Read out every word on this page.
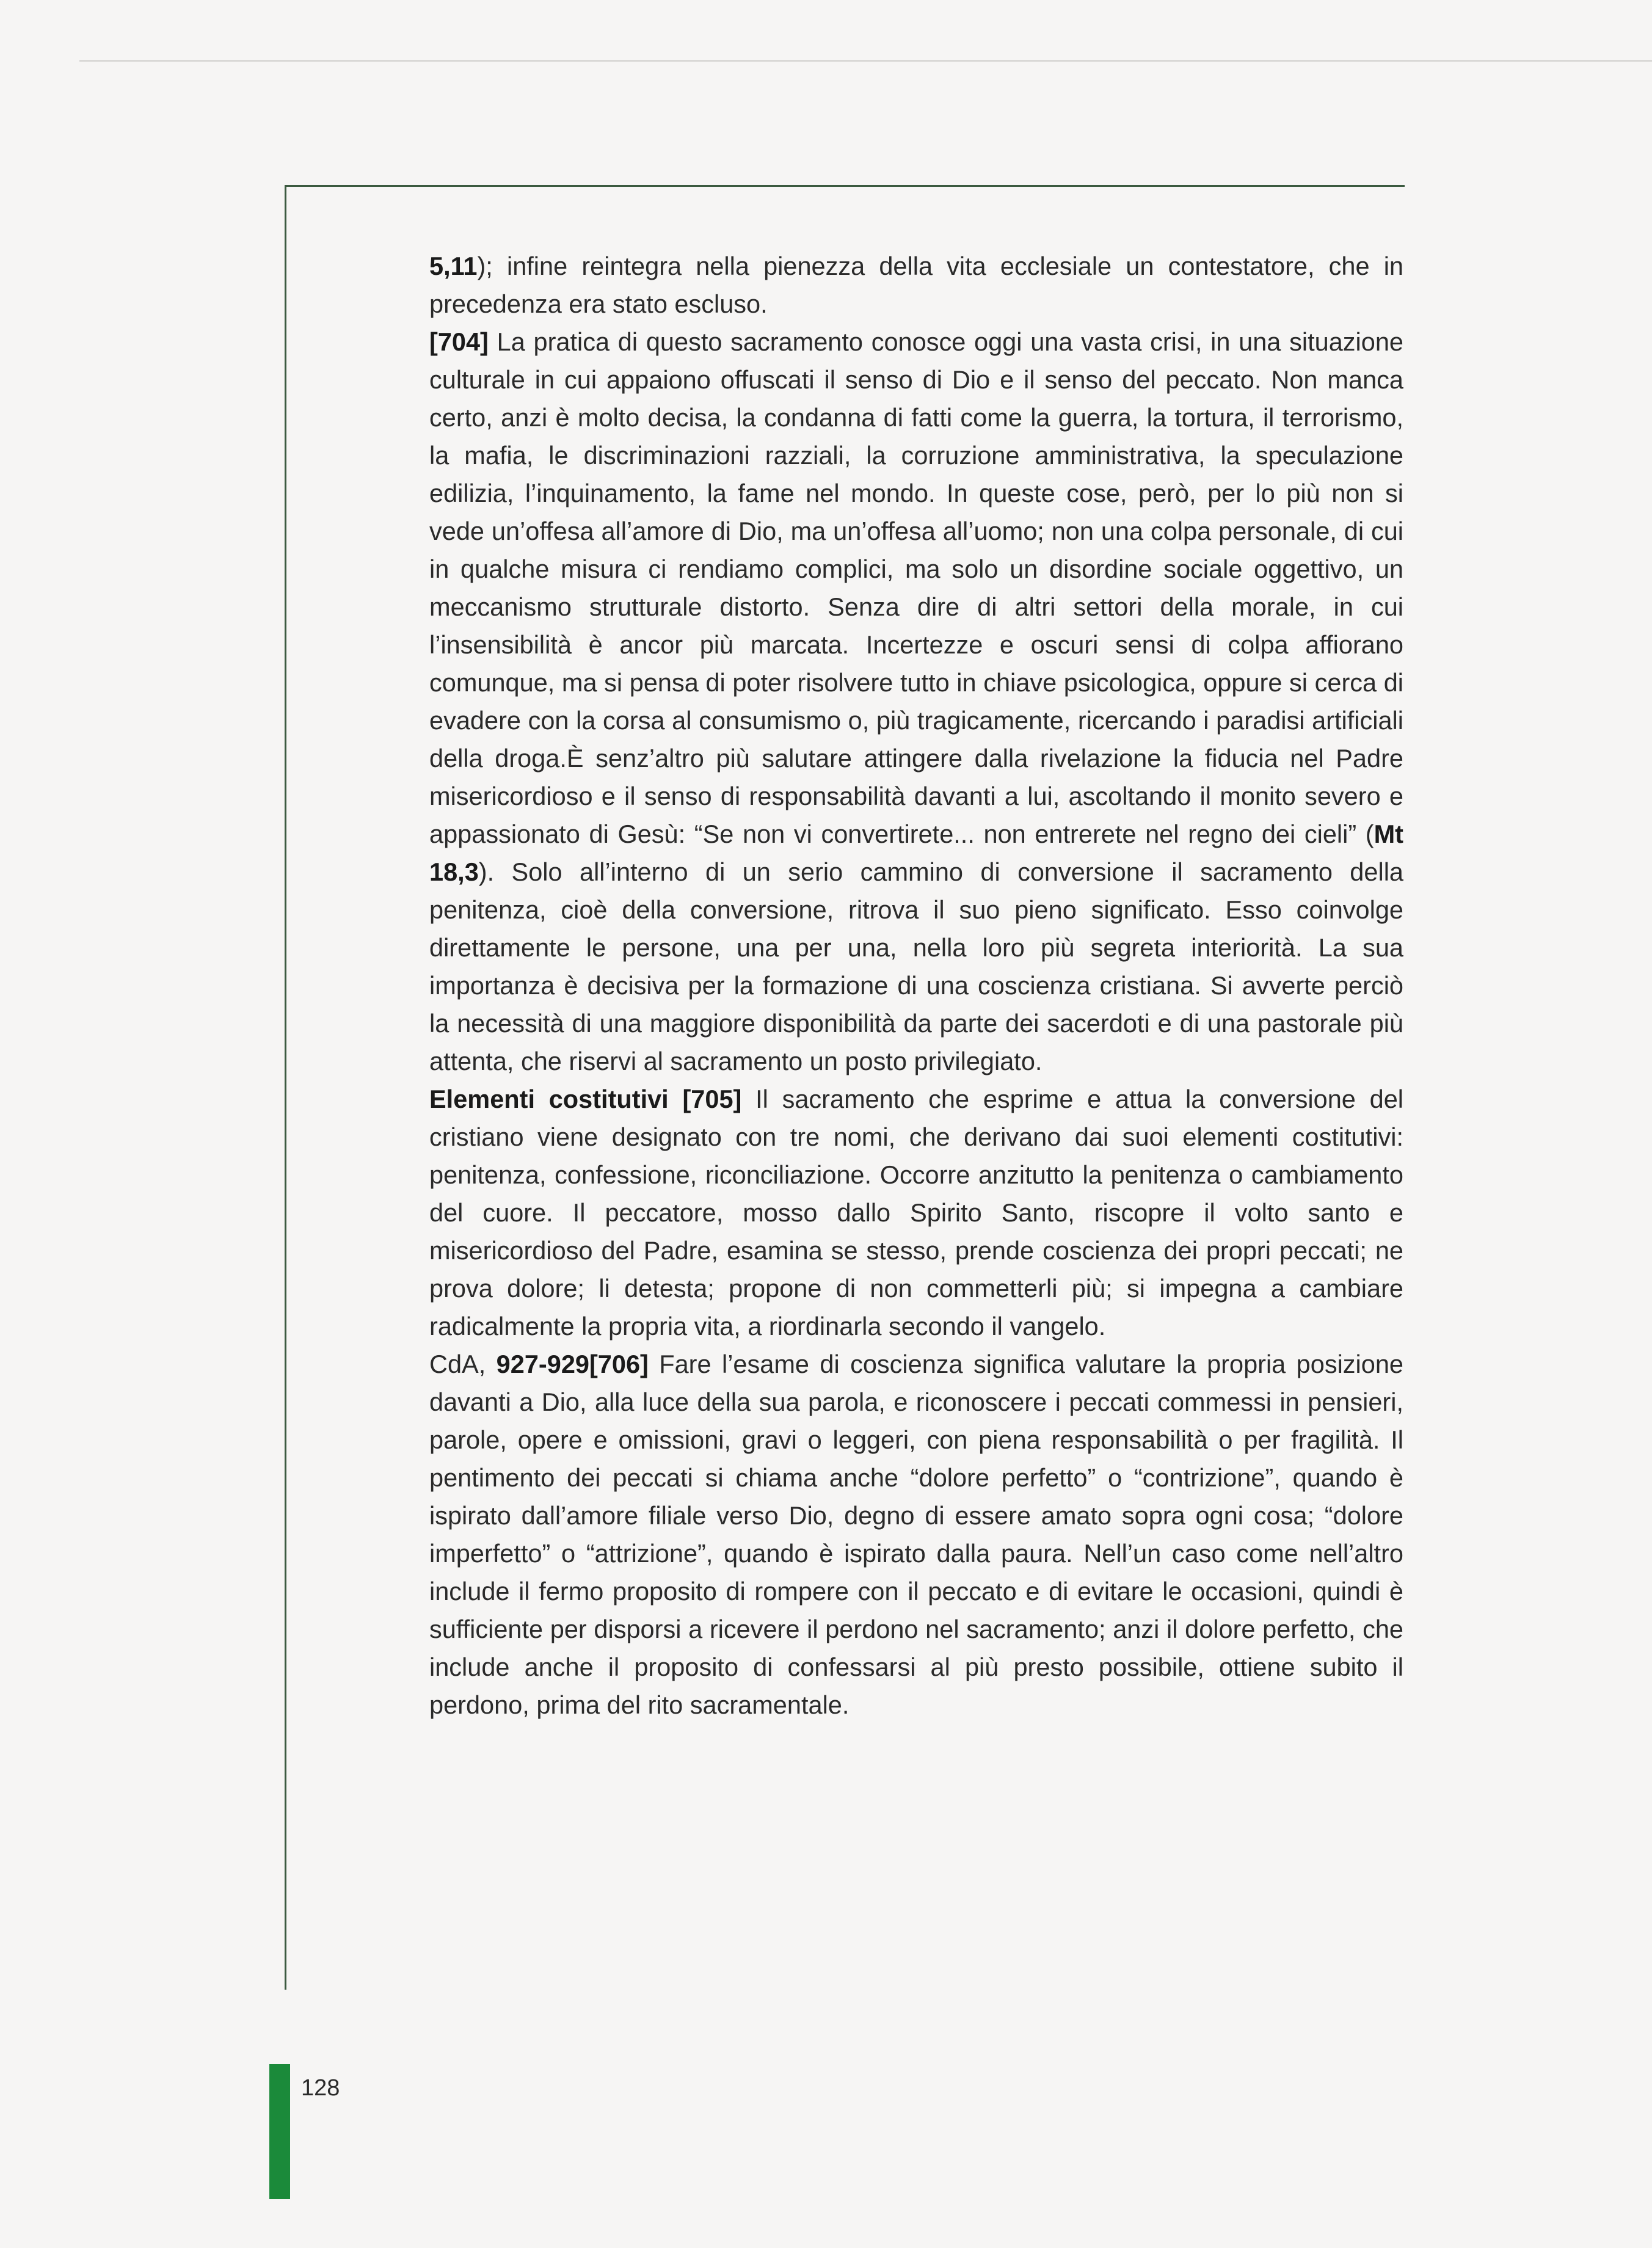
5,11); infine reintegra nella pienezza della vita ecclesiale un contestatore, che in precedenza era stato escluso.

[704] La pratica di questo sacramento conosce oggi una vasta crisi, in una situazione culturale in cui appaiono offuscati il senso di Dio e il senso del peccato. Non manca certo, anzi è molto decisa, la condanna di fatti come la guerra, la tortura, il terrorismo, la mafia, le discriminazioni razziali, la corruzione amministrativa, la speculazione edilizia, l’inquinamento, la fame nel mondo. In queste cose, però, per lo più non si vede un’offesa all’amore di Dio, ma un’offesa all’uomo; non una colpa personale, di cui in qualche misura ci rendiamo complici, ma solo un disordine sociale oggettivo, un meccanismo strutturale distorto. Senza dire di altri settori della morale, in cui l’insensibilità è ancor più marcata. Incertezze e oscuri sensi di colpa affiorano comunque, ma si pensa di poter risolvere tutto in chiave psicologica, oppure si cerca di evadere con la corsa al consumismo o, più tragicamente, ricercando i paradisi artificiali della droga.È senz’altro più salutare attingere dalla rivelazione la fiducia nel Padre misericordioso e il senso di responsabilità davanti a lui, ascoltando il monito severo e appassionato di Gesù: “Se non vi convertirete... non entrerete nel regno dei cieli” (Mt 18,3). Solo all’interno di un serio cammino di conversione il sacramento della penitenza, cioè della conversione, ritrova il suo pieno significato. Esso coinvolge direttamente le persone, una per una, nella loro più segreta interiorità. La sua importanza è decisiva per la formazione di una coscienza cristiana. Si avverte perciò la necessità di una maggiore disponibilità da parte dei sacerdoti e di una pastorale più attenta, che riservi al sacramento un posto privilegiato.

Elementi costitutivi [705] Il sacramento che esprime e attua la conversione del cristiano viene designato con tre nomi, che derivano dai suoi elementi costitutivi: penitenza, confessione, riconciliazione. Occorre anzitutto la penitenza o cambiamento del cuore. Il peccatore, mosso dallo Spirito Santo, riscopre il volto santo e misericordioso del Padre, esamina se stesso, prende coscienza dei propri peccati; ne prova dolore; li detesta; propone di non commetterli più; si impegna a cambiare radicalmente la propria vita, a riordinarla secondo il vangelo.

CdA, 927-929[706] Fare l’esame di coscienza significa valutare la propria posizione davanti a Dio, alla luce della sua parola, e riconoscere i peccati commessi in pensieri, parole, opere e omissioni, gravi o leggeri, con piena responsabilità o per fragilità. Il pentimento dei peccati si chiama anche “dolore perfetto” o “contrizione”, quando è ispirato dall’amore filiale verso Dio, degno di essere amato sopra ogni cosa; “dolore imperfetto” o “attrizione”, quando è ispirato dalla paura. Nell’un caso come nell’altro include il fermo proposito di rompere con il peccato e di evitare le occasioni, quindi è sufficiente per disporsi a ricevere il perdono nel sacramento; anzi il dolore perfetto, che include anche il proposito di confessarsi al più presto possibile, ottiene subito il perdono, prima del rito sacramentale.

128
